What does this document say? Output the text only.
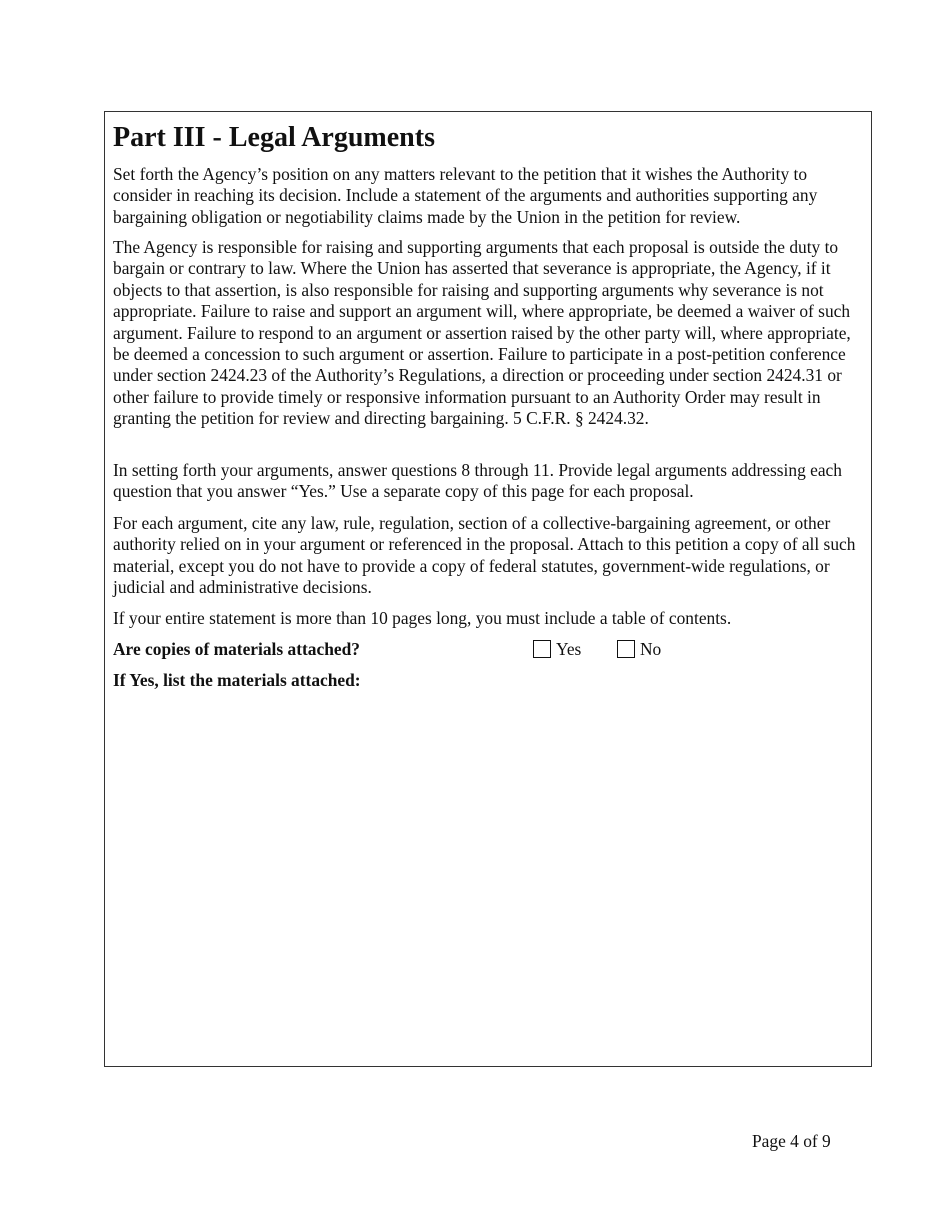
Part III - Legal Arguments

Set forth the Agency’s position on any matters relevant to the petition that it wishes the Authority to consider in reaching its decision. Include a statement of the arguments and authorities supporting any bargaining obligation or negotiability claims made by the Union in the petition for review.

The Agency is responsible for raising and supporting arguments that each proposal is outside the duty to bargain or contrary to law. Where the Union has asserted that severance is appropriate, the Agency, if it objects to that assertion, is also responsible for raising and supporting arguments why severance is not appropriate. Failure to raise and support an argument will, where appropriate, be deemed a waiver of such argument. Failure to respond to an argument or assertion raised by the other party will, where appropriate, be deemed a concession to such argument or assertion. Failure to participate in a post-petition conference under section 2424.23 of the Authority’s Regulations, a direction or proceeding under section 2424.31 or other failure to provide timely or responsive information pursuant to an Authority Order may result in granting the petition for review and directing bargaining. 5 C.F.R. § 2424.32.

In setting forth your arguments, answer questions 8 through 11. Provide legal arguments addressing each question that you answer “Yes.” Use a separate copy of this page for each proposal.

For each argument, cite any law, rule, regulation, section of a collective-bargaining agreement, or other authority relied on in your argument or referenced in the proposal. Attach to this petition a copy of all such material, except you do not have to provide a copy of federal statutes, government-wide regulations, or judicial and administrative decisions.

If your entire statement is more than 10 pages long, you must include a table of contents.

Are copies of materials attached?	Yes	No
If Yes, list the materials attached:
Page 4 of 9
